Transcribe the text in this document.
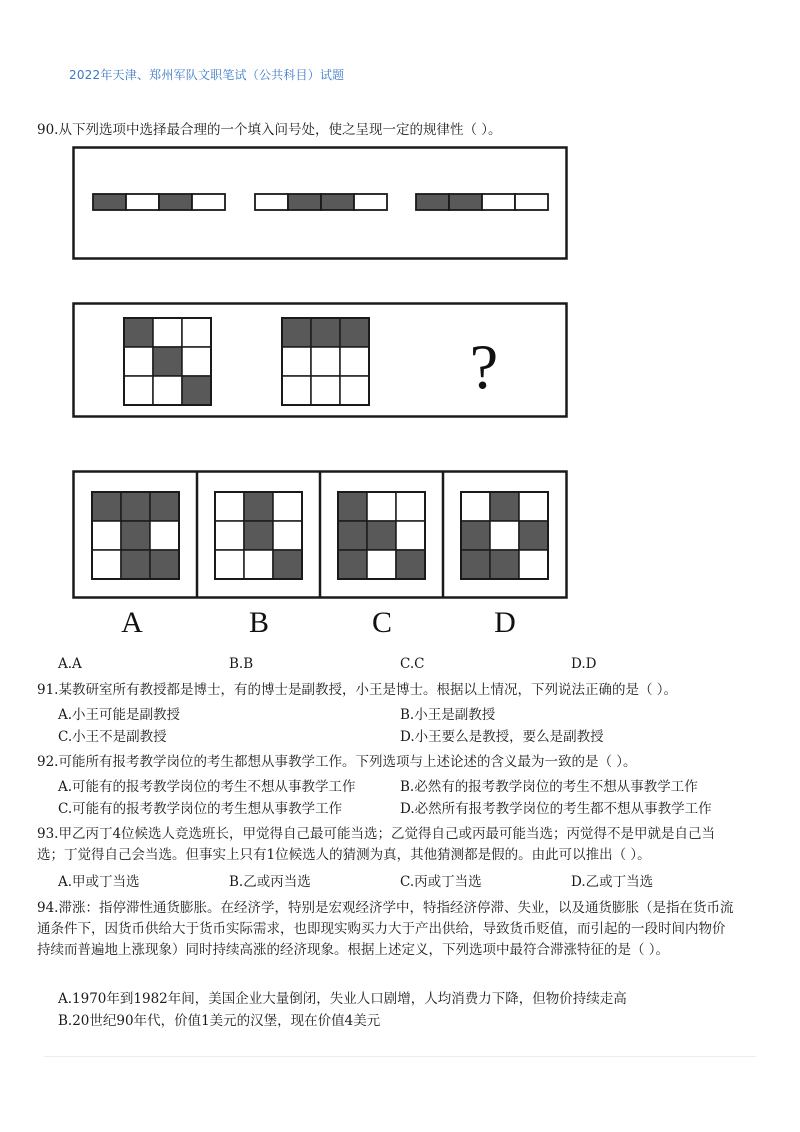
2022年天津、郑州军队文职笔试（公共科目）试题
90.从下列选项中选择最合理的一个填入问号处，使之呈现一定的规律性（ ）。
?
A	B	C	D
A.A	B.B	C.C	D.D
91.某教研室所有教授都是博士，有的博士是副教授，小王是博士。根据以上情况，下列说法正确的是（ ）。
A.小王可能是副教授	B.小王是副教授
C.小王不是副教授	D.小王要么是教授，要么是副教授
92.可能所有报考教学岗位的考生都想从事教学工作。下列选项与上述论述的含义最为一致的是（ ）。
A.可能有的报考教学岗位的考生不想从事教学工作	B.必然有的报考教学岗位的考生不想从事教学工作
C.可能有的报考教学岗位的考生想从事教学工作	D.必然所有报考教学岗位的考生都不想从事教学工作
93.甲乙丙丁4位候选人竞选班长，甲觉得自己最可能当选；乙觉得自己或丙最可能当选；丙觉得不是甲就是自己当选；丁觉得自己会当选。但事实上只有1位候选人的猜测为真，其他猜测都是假的。由此可以推出（ ）。
A.甲或丁当选	B.乙或丙当选	C.丙或丁当选	D.乙或丁当选
94.滞涨：指停滞性通货膨胀。在经济学，特别是宏观经济学中，特指经济停滞、失业，以及通货膨胀（是指在货币流通条件下，因货币供给大于货币实际需求，也即现实购买力大于产出供给，导致货币贬值，而引起的一段时间内物价持续而普遍地上涨现象）同时持续高涨的经济现象。根据上述定义，下列选项中最符合滞涨特征的是（ ）。
A.1970年到1982年间，美国企业大量倒闭，失业人口剧增，人均消费力下降，但物价持续走高
B.20世纪90年代，价值1美元的汉堡，现在价值4美元
